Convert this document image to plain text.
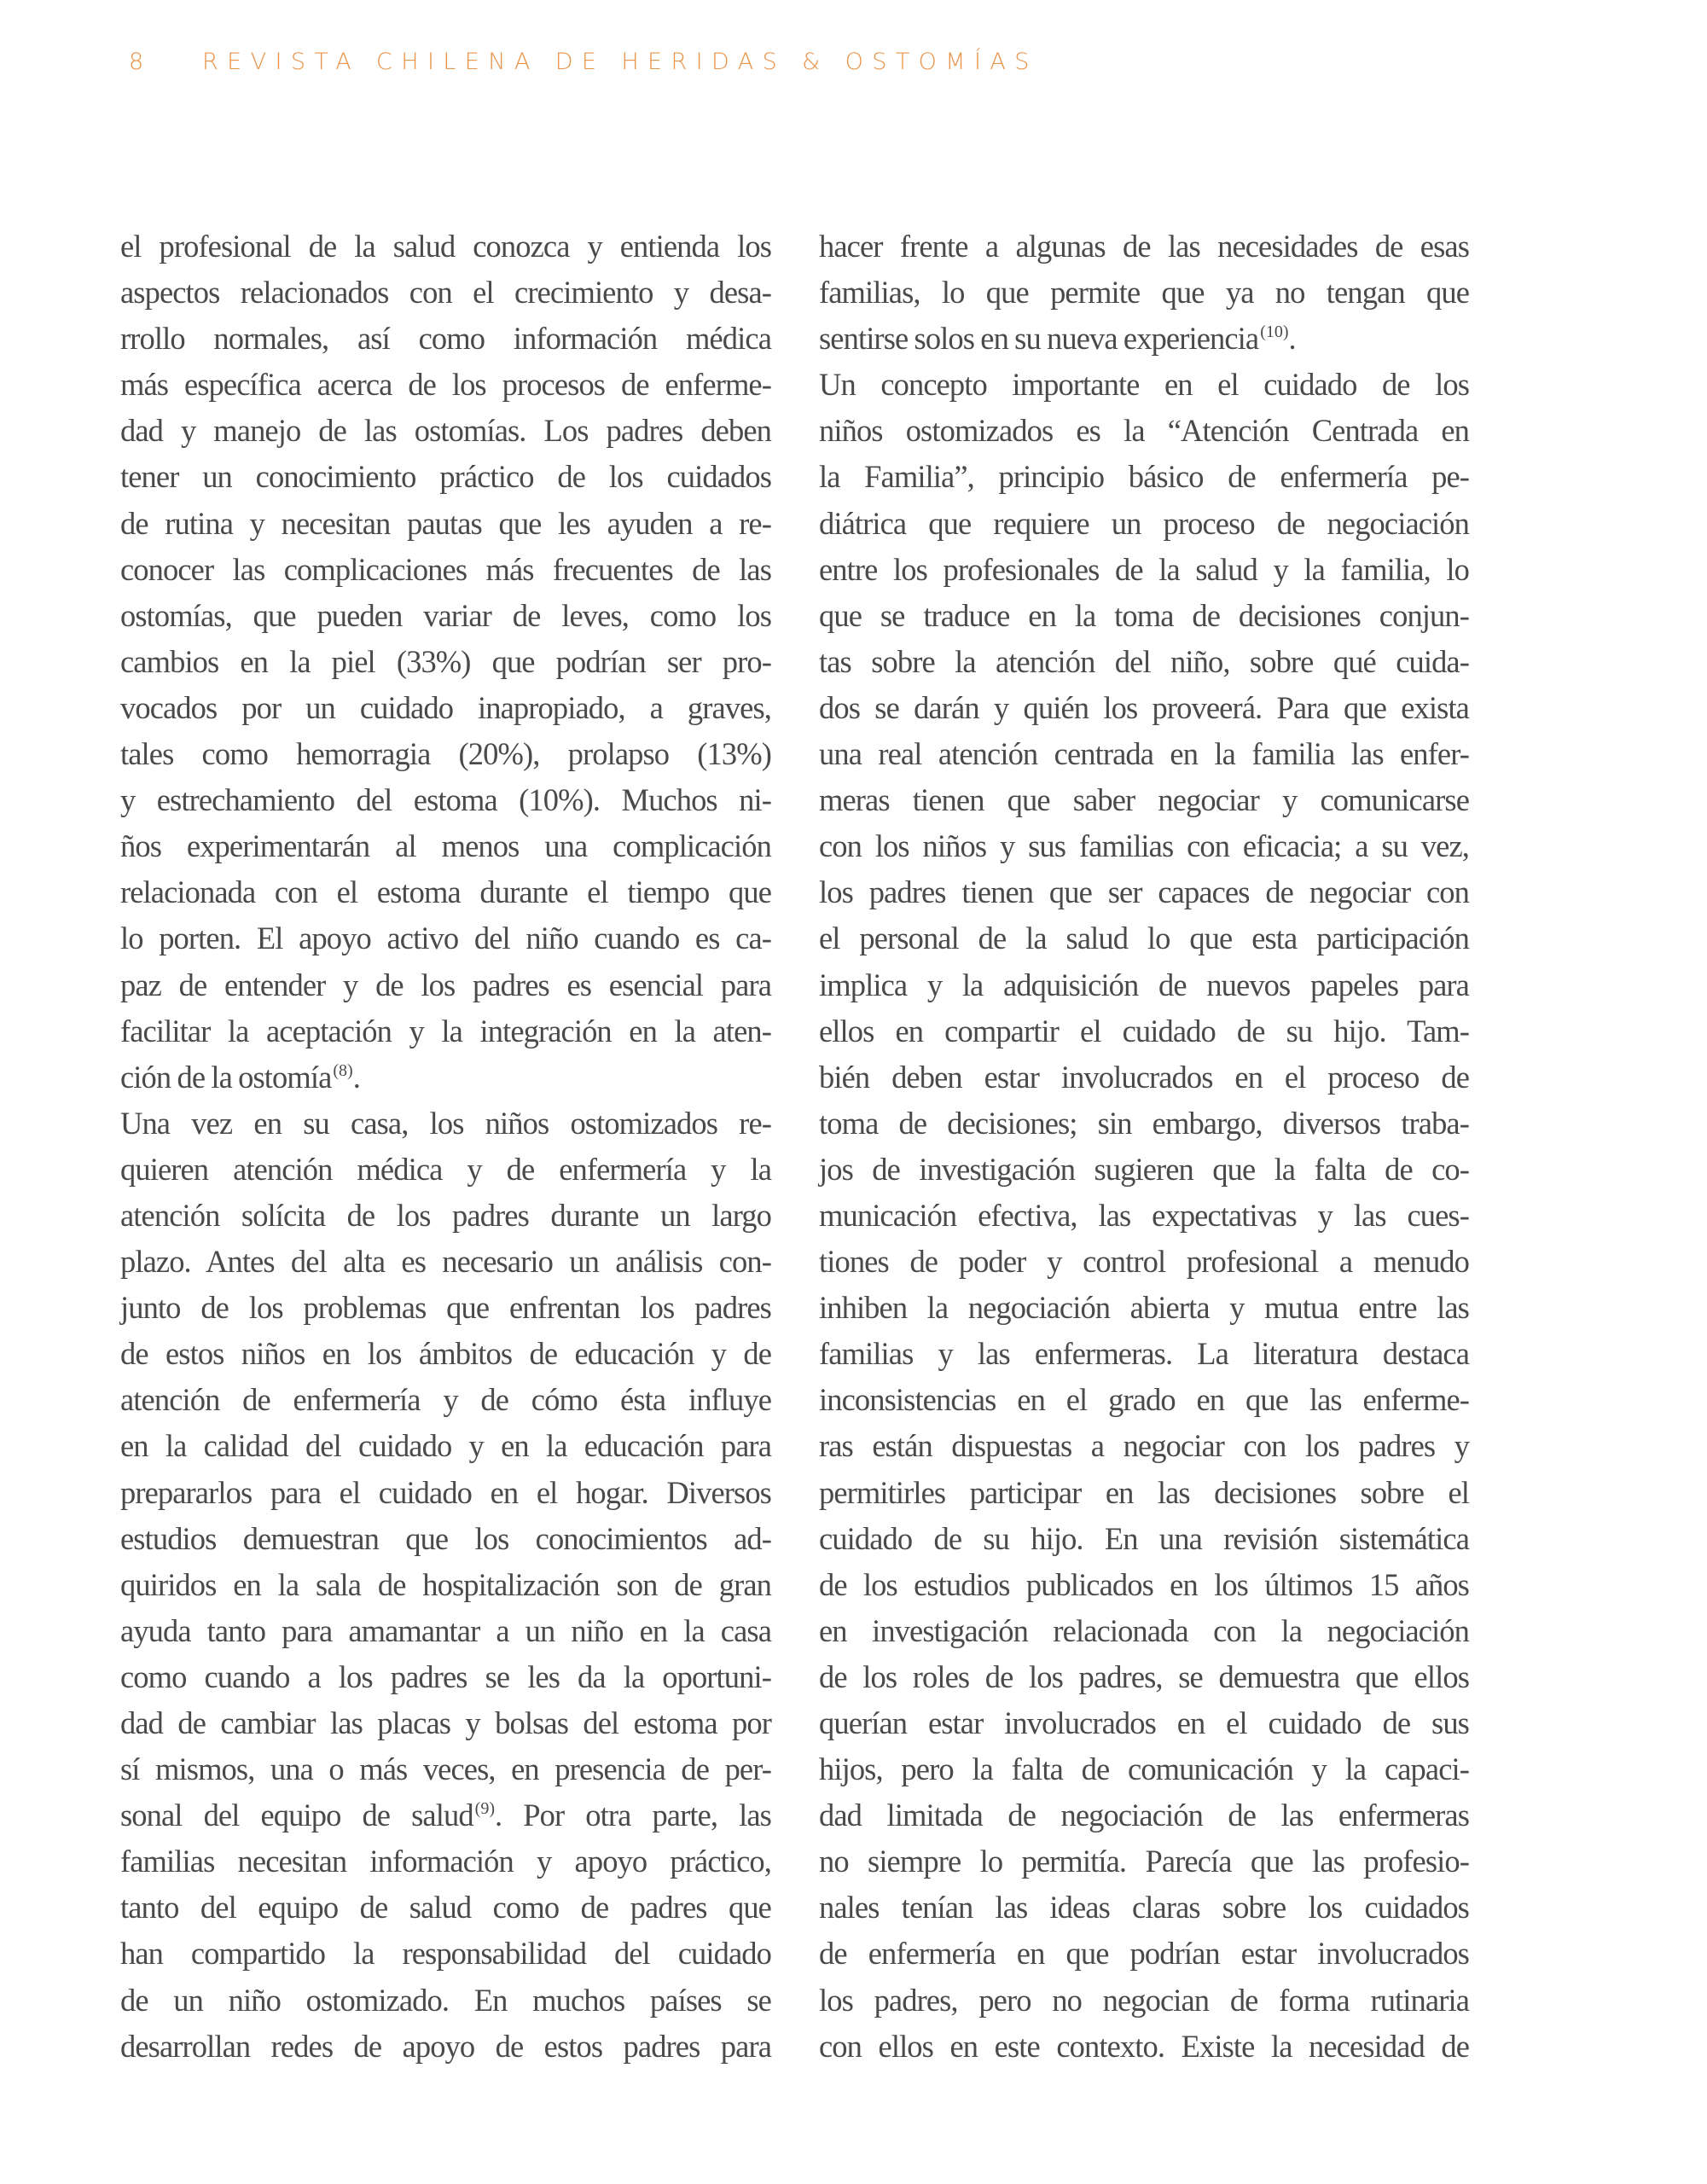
8	REVISTA CHILENA DE HERIDAS & OSTOMÍAS
el profesional de la salud conozca y entienda los
aspectos relacionados con el crecimiento y desa-
rrollo normales, así como información médica
más específica acerca de los procesos de enferme-
dad y manejo de las ostomías. Los padres deben
tener un conocimiento práctico de los cuidados
de rutina y necesitan pautas que les ayuden a re-
conocer las complicaciones más frecuentes de las
ostomías, que pueden variar de leves, como los
cambios en la piel (33%) que podrían ser pro-
vocados por un cuidado inapropiado, a graves,
tales como hemorragia (20%), prolapso (13%)
y estrechamiento del estoma (10%). Muchos ni-
ños experimentarán al menos una complicación
relacionada con el estoma durante el tiempo que
lo porten. El apoyo activo del niño cuando es ca-
paz de entender y de los padres es esencial para
facilitar la aceptación y la integración en la aten-
ción de la ostomía $^{(8)}$.
Una vez en su casa, los niños ostomizados re-
quieren atención médica y de enfermería y la
atención solícita de los padres durante un largo
plazo. Antes del alta es necesario un análisis con-
junto de los problemas que enfrentan los padres
de estos niños en los ámbitos de educación y de
atención de enfermería y de cómo ésta influye
en la calidad del cuidado y en la educación para
prepararlos para el cuidado en el hogar. Diversos
estudios demuestran que los conocimientos ad-
quiridos en la sala de hospitalización son de gran
ayuda tanto para amamantar a un niño en la casa
como cuando a los padres se les da la oportuni-
dad de cambiar las placas y bolsas del estoma por
sí mismos, una o más veces, en presencia de per-
sonal del equipo de salud $^{(9)}$. Por otra parte, las
familias necesitan información y apoyo práctico,
tanto del equipo de salud como de padres que
han compartido la responsabilidad del cuidado
de un niño ostomizado. En muchos países se
desarrollan redes de apoyo de estos padres para
hacer frente a algunas de las necesidades de esas
familias, lo que permite que ya no tengan que
sentirse solos en su nueva experiencia $^{(10)}$.
Un concepto importante en el cuidado de los
niños ostomizados es la “Atención Centrada en
la Familia”, principio básico de enfermería pe-
diátrica que requiere un proceso de negociación
entre los profesionales de la salud y la familia, lo
que se traduce en la toma de decisiones conjun-
tas sobre la atención del niño, sobre qué cuida-
dos se darán y quién los proveerá. Para que exista
una real atención centrada en la familia las enfer-
meras tienen que saber negociar y comunicarse
con los niños y sus familias con eficacia; a su vez,
los padres tienen que ser capaces de negociar con
el personal de la salud lo que esta participación
implica y la adquisición de nuevos papeles para
ellos en compartir el cuidado de su hijo. Tam-
bién deben estar involucrados en el proceso de
toma de decisiones; sin embargo, diversos traba-
jos de investigación sugieren que la falta de co-
municación efectiva, las expectativas y las cues-
tiones de poder y control profesional a menudo
inhiben la negociación abierta y mutua entre las
familias y las enfermeras. La literatura destaca
inconsistencias en el grado en que las enferme-
ras están dispuestas a negociar con los padres y
permitirles participar en las decisiones sobre el
cuidado de su hijo. En una revisión sistemática
de los estudios publicados en los últimos 15 años
en investigación relacionada con la negociación
de los roles de los padres, se demuestra que ellos
querían estar involucrados en el cuidado de sus
hijos, pero la falta de comunicación y la capaci-
dad limitada de negociación de las enfermeras
no siempre lo permitía. Parecía que las profesio-
nales tenían las ideas claras sobre los cuidados
de enfermería en que podrían estar involucrados
los padres, pero no negocian de forma rutinaria
con ellos en este contexto. Existe la necesidad de
